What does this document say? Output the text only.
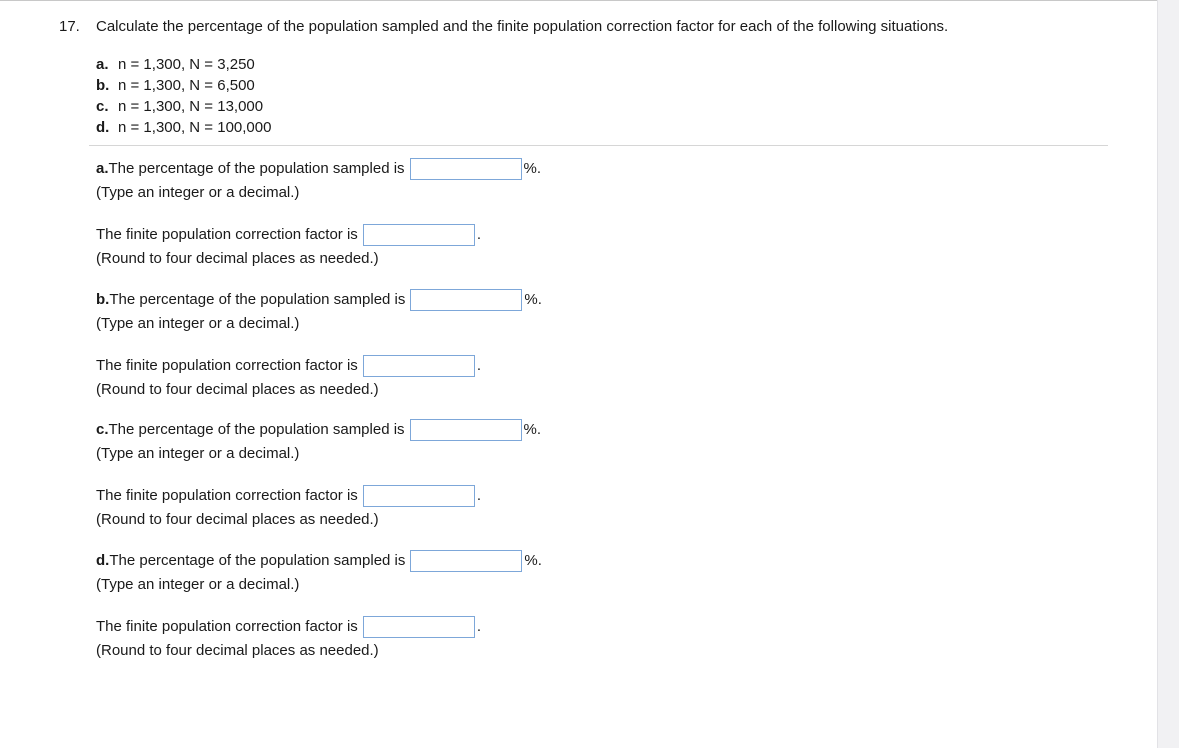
17. Calculate the percentage of the population sampled and the finite population correction factor for each of the following situations.
a. n = 1,300, N = 3,250
b. n = 1,300, N = 6,500
c. n = 1,300, N = 13,000
d. n = 1,300, N = 100,000
a. The percentage of the population sampled is	%.
(Type an integer or a decimal.)
The finite population correction factor is	.
(Round to four decimal places as needed.)
b. The percentage of the population sampled is	%.
(Type an integer or a decimal.)
The finite population correction factor is	.
(Round to four decimal places as needed.)
c. The percentage of the population sampled is	%.
(Type an integer or a decimal.)
The finite population correction factor is	.
(Round to four decimal places as needed.)
d. The percentage of the population sampled is	%.
(Type an integer or a decimal.)
The finite population correction factor is	.
(Round to four decimal places as needed.)
